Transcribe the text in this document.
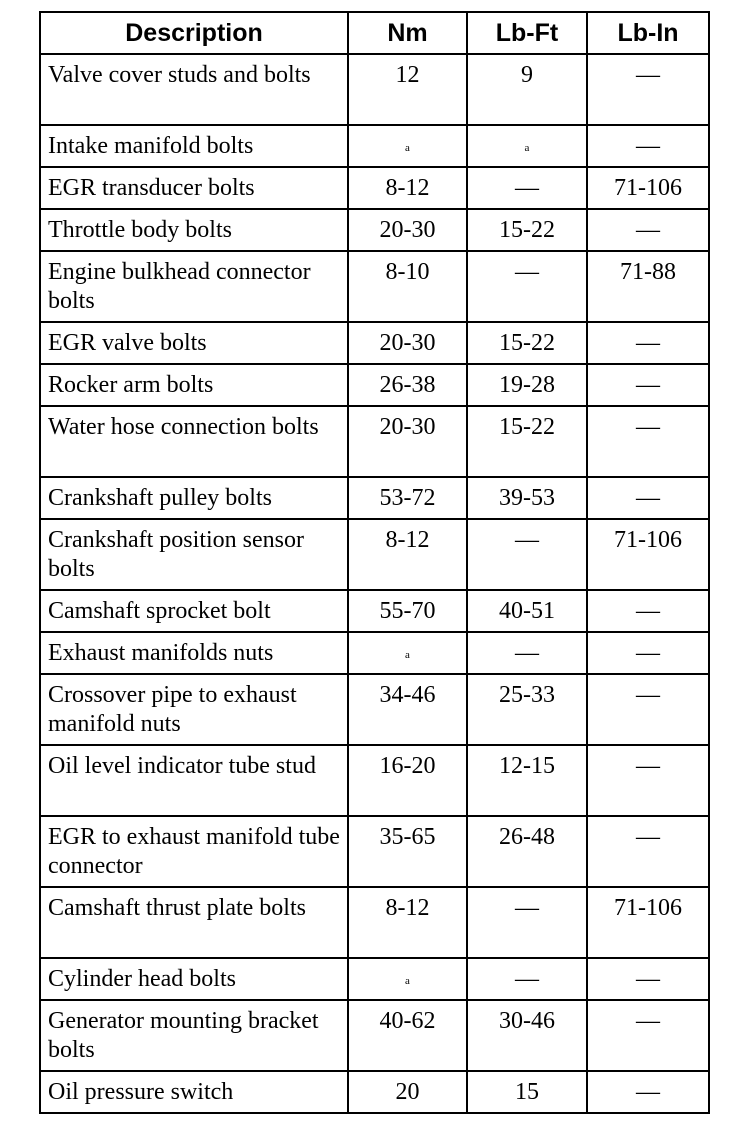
Description	Nm	Lb-Ft	Lb-In
Valve cover studs and bolts	12	9	—
Intake manifold bolts	$^a$	$^a$	—
EGR transducer bolts	8-12	—	71-106
Throttle body bolts	20-30	15-22	—
Engine bulkhead connector bolts	8-10	—	71-88
EGR valve bolts	20-30	15-22	—
Rocker arm bolts	26-38	19-28	—
Water hose connection bolts	20-30	15-22	—
Crankshaft pulley bolts	53-72	39-53	—
Crankshaft position sensor bolts	8-12	—	71-106
Camshaft sprocket bolt	55-70	40-51	—
Exhaust manifolds nuts	$^a$	—	—
Crossover pipe to exhaust manifold nuts	34-46	25-33	—
Oil level indicator tube stud	16-20	12-15	—
EGR to exhaust manifold tube connector	35-65	26-48	—
Camshaft thrust plate bolts	8-12	—	71-106
Cylinder head bolts	$^a$	—	—
Generator mounting bracket bolts	40-62	30-46	—
Oil pressure switch	20	15	—
